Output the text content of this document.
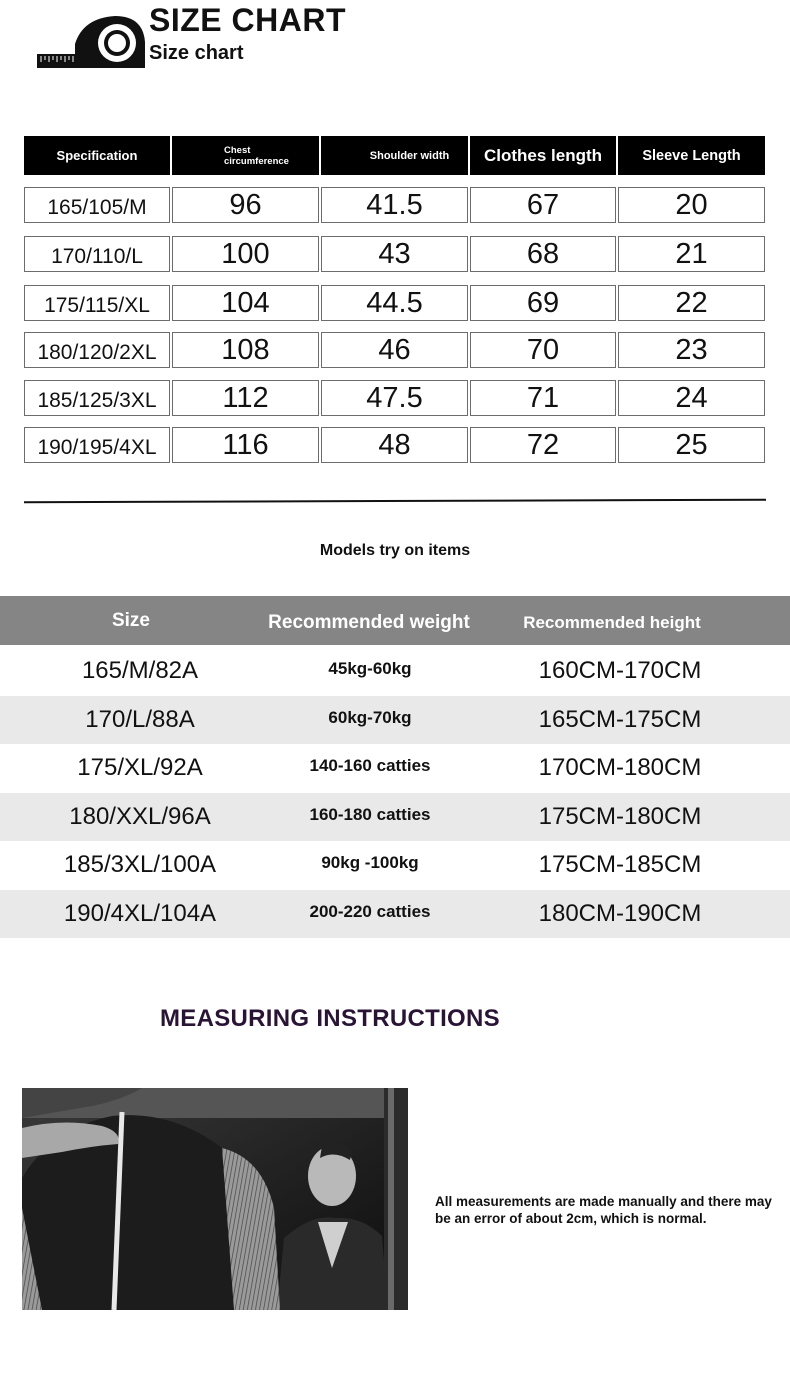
SIZE CHART
Size chart
Specification	Chest circumference	Shoulder width	Clothes length	Sleeve Length
165/105/M	96	41.5	67	20
170/110/L	100	43	68	21
175/115/XL	104	44.5	69	22
180/120/2XL	108	46	70	23
185/125/3XL	112	47.5	71	24
190/195/4XL	116	48	72	25
Models try on items
Size	Recommended weight	Recommended height
165/M/82A	45kg-60kg	160CM-170CM
170/L/88A	60kg-70kg	165CM-175CM
175/XL/92A	140-160 catties	170CM-180CM
180/XXL/96A	160-180 catties	175CM-180CM
185/3XL/100A	90kg -100kg	175CM-185CM
190/4XL/104A	200-220 catties	180CM-190CM
MEASURING INSTRUCTIONS
All measurements are made manually and there may be an error of about 2cm, which is normal.
